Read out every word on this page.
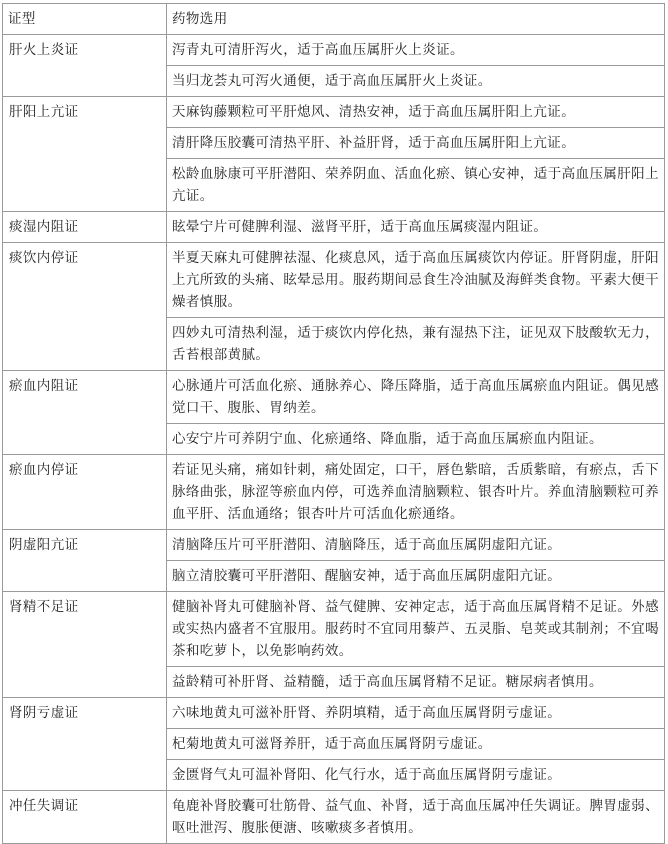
证型	药物选用
肝火上炎证	泻青丸可清肝泻火，适于高血压属肝火上炎证。
	当归龙荟丸可泻火通便，适于高血压属肝火上炎证。
肝阳上亢证	天麻钩藤颗粒可平肝熄风、清热安神，适于高血压属肝阳上亢证。
	清肝降压胶囊可清热平肝、补益肝肾，适于高血压属肝阳上亢证。
	松龄血脉康可平肝潜阳、荣养阴血、活血化瘀、镇心安神，适于高血压属肝阳上亢证。
痰湿内阻证	眩晕宁片可健脾利湿、滋肾平肝，适于高血压属痰湿内阻证。
痰饮内停证	半夏天麻丸可健脾祛湿、化痰息风，适于高血压属痰饮内停证。肝肾阴虚，肝阳上亢所致的头痛、眩晕忌用。服药期间忌食生冷油腻及海鲜类食物。平素大便干燥者慎服。
	四妙丸可清热利湿，适于痰饮内停化热，兼有湿热下注，证见双下肢酸软无力，舌苔根部黄腻。
瘀血内阻证	心脉通片可活血化瘀、通脉养心、降压降脂，适于高血压属瘀血内阻证。偶见感觉口干、腹胀、胃纳差。
	心安宁片可养阴宁血、化瘀通络、降血脂，适于高血压属瘀血内阻证。
瘀血内停证	若证见头痛，痛如针刺，痛处固定，口干，唇色紫暗，舌质紫暗，有瘀点，舌下脉络曲张，脉涩等瘀血内停，可选养血清脑颗粒、银杏叶片。养血清脑颗粒可养血平肝、活血通络；银杏叶片可活血化瘀通络。
阴虚阳亢证	清脑降压片可平肝潜阳、清脑降压，适于高血压属阴虚阳亢证。
	脑立清胶囊可平肝潜阳、醒脑安神，适于高血压属阴虚阳亢证。
肾精不足证	健脑补肾丸可健脑补肾、益气健脾、安神定志，适于高血压属肾精不足证。外感或实热内盛者不宜服用。服药时不宜同用藜芦、五灵脂、皂荚或其制剂；不宜喝茶和吃萝卜，以免影响药效。
	益龄精可补肝肾、益精髓，适于高血压属肾精不足证。糖尿病者慎用。
肾阴亏虚证	六味地黄丸可滋补肝肾、养阴填精，适于高血压属肾阴亏虚证。
	杞菊地黄丸可滋肾养肝，适于高血压属肾阴亏虚证。
	金匮肾气丸可温补肾阳、化气行水，适于高血压属肾阴亏虚证。
冲任失调证	龟鹿补肾胶囊可壮筋骨、益气血、补肾，适于高血压属冲任失调证。脾胃虚弱、呕吐泄泻、腹胀便溏、咳嗽痰多者慎用。
